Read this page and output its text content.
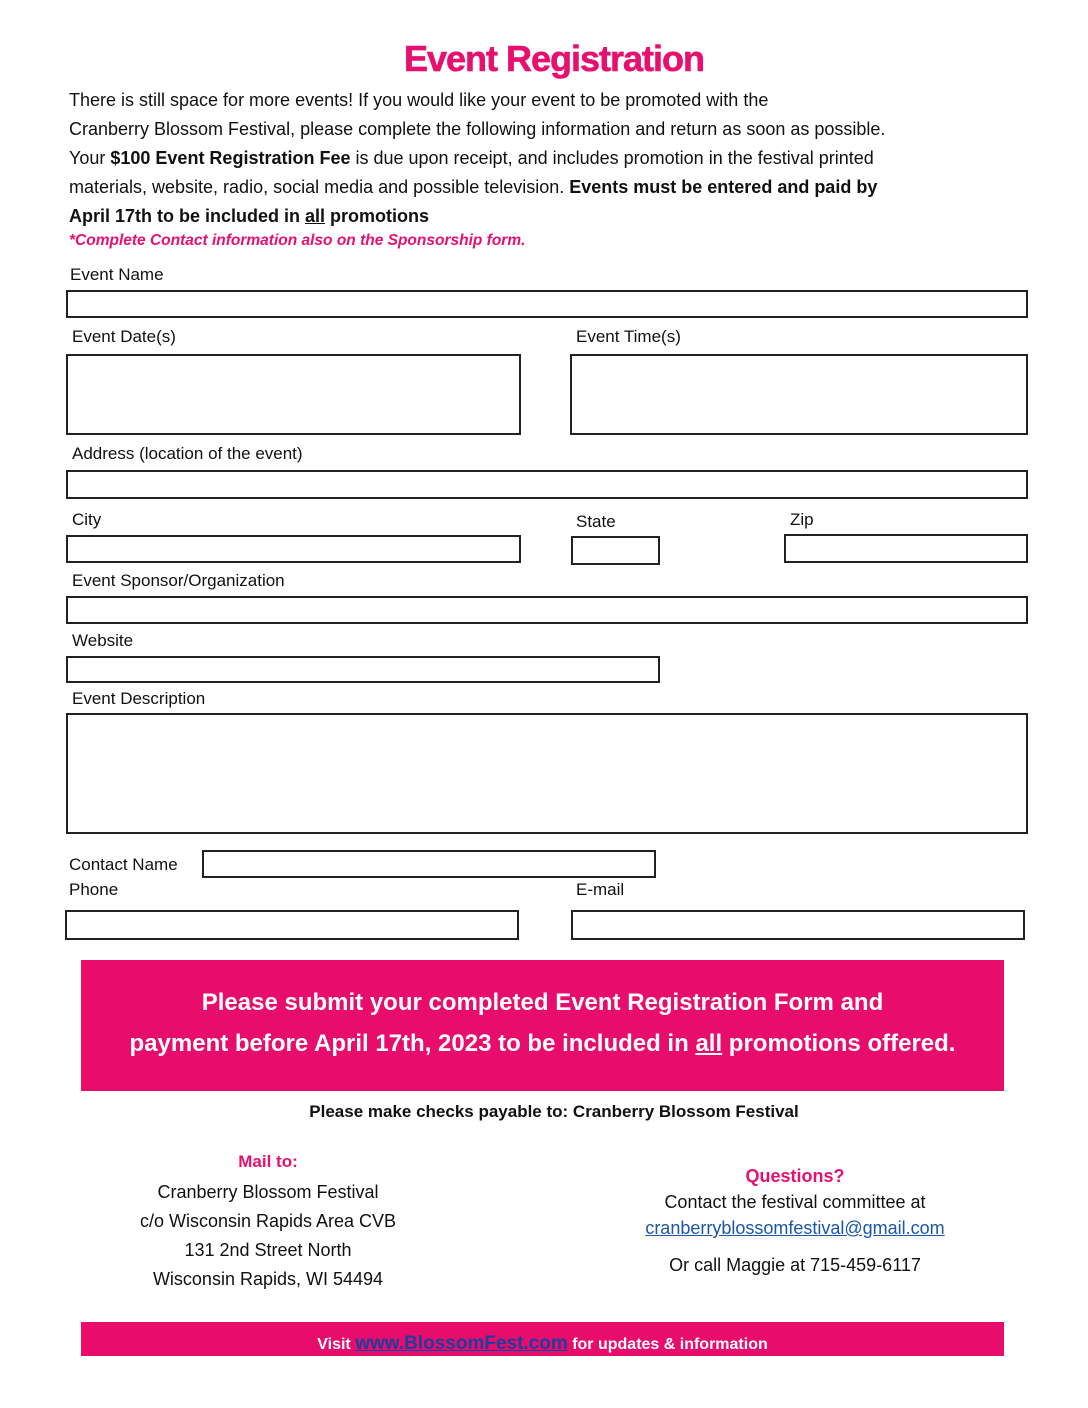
Event Registration
There is still space for more events! If you would like your event to be promoted with the
Cranberry Blossom Festival, please complete the following information and return as soon as possible.
Your $100 Event Registration Fee is due upon receipt, and includes promotion in the festival printed
materials, website, radio, social media and possible television. Events must be entered and paid by
April 17th to be included in all promotions
*Complete Contact information also on the Sponsorship form.
Event Name
Event Date(s)	Event Time(s)
Address (location of the event)
City	State	Zip
Event Sponsor/Organization
Website
Event Description
Contact Name
Phone	E-mail
Please submit your completed Event Registration Form and
payment before April 17th, 2023 to be included in all promotions offered.
Please make checks payable to: Cranberry Blossom Festival
Mail to:
Cranberry Blossom Festival
c/o Wisconsin Rapids Area CVB
131 2nd Street North
Wisconsin Rapids, WI 54494
Questions?
Contact the festival committee at
cranberryblossomfestival@gmail.com
Or call Maggie at 715-459-6117
Visit www.BlossomFest.com for updates & information
